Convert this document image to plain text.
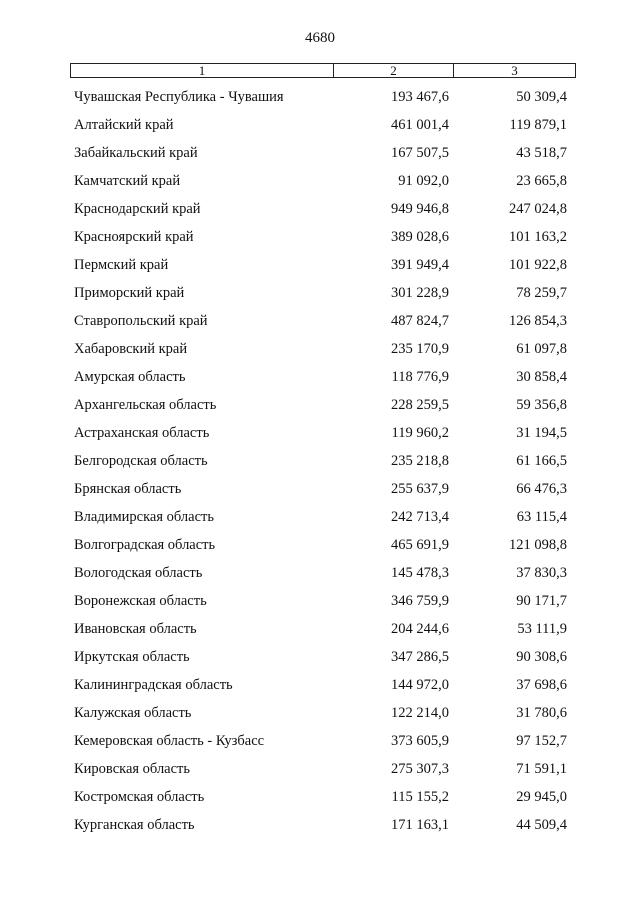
4680
1	2	3
Чувашская Республика - Чувашия	193 467,6	50 309,4
Алтайский край	461 001,4	119 879,1
Забайкальский край	167 507,5	43 518,7
Камчатский край	91 092,0	23 665,8
Краснодарский край	949 946,8	247 024,8
Красноярский край	389 028,6	101 163,2
Пермский край	391 949,4	101 922,8
Приморский край	301 228,9	78 259,7
Ставропольский край	487 824,7	126 854,3
Хабаровский край	235 170,9	61 097,8
Амурская область	118 776,9	30 858,4
Архангельская область	228 259,5	59 356,8
Астраханская область	119 960,2	31 194,5
Белгородская область	235 218,8	61 166,5
Брянская область	255 637,9	66 476,3
Владимирская область	242 713,4	63 115,4
Волгоградская область	465 691,9	121 098,8
Вологодская область	145 478,3	37 830,3
Воронежская область	346 759,9	90 171,7
Ивановская область	204 244,6	53 111,9
Иркутская область	347 286,5	90 308,6
Калининградская область	144 972,0	37 698,6
Калужская область	122 214,0	31 780,6
Кемеровская область - Кузбасс	373 605,9	97 152,7
Кировская область	275 307,3	71 591,1
Костромская область	115 155,2	29 945,0
Курганская область	171 163,1	44 509,4
